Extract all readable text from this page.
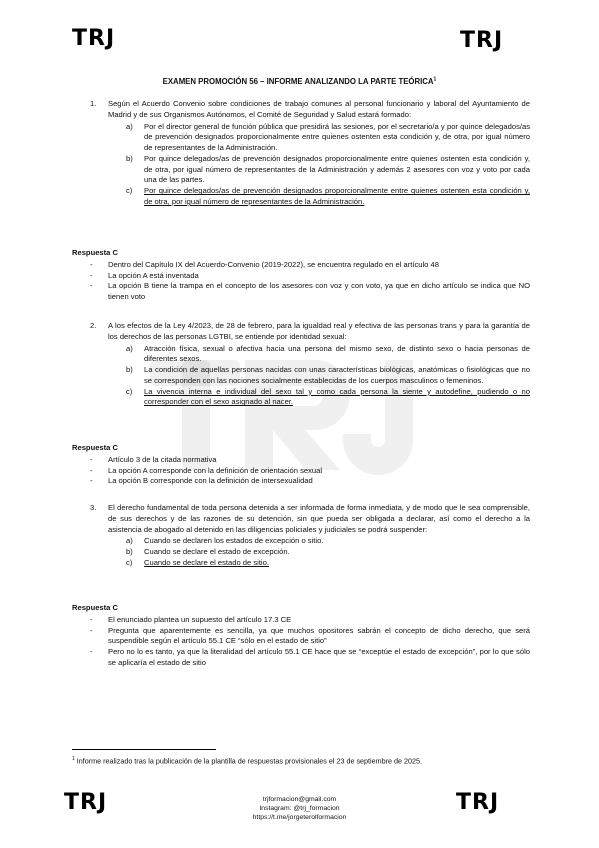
TRJ	TRJ
EXAMEN PROMOCIÓN 56 – INFORME ANALIZANDO LA PARTE TEÓRICA$^1$
1. Según el Acuerdo Convenio sobre condiciones de trabajo comunes al personal funcionario y laboral del Ayuntamiento de Madrid y de sus Organismos Autónomos, el Comité de Seguridad y Salud estará formado:
a) Por el director general de función pública que presidirá las sesiones, por el secretario/a y por quince delegados/as de prevención designados proporcionalmente entre quienes ostenten esta condición y, de otra, por igual número de representantes de la Administración.
b) Por quince delegados/as de prevención designados proporcionalmente entre quienes ostenten esta condición y, de otra, por igual número de representantes de la Administración y además 2 asesores con voz y voto por cada una de las partes.
c) Por quince delegados/as de prevención designados proporcionalmente entre quienes ostenten esta condición y, de otra, por igual número de representantes de la Administración.
Respuesta C
- Dentro del Capítulo IX del Acuerdo-Convenio (2019-2022), se encuentra regulado en el artículo 48
- La opción A está inventada
- La opción B tiene la trampa en el concepto de los asesores con voz y con voto, ya que en dicho artículo se indica que NO tienen voto
2. A los efectos de la Ley 4/2023, de 28 de febrero, para la igualdad real y efectiva de las personas trans y para la garantía de los derechos de las personas LGTBI, se entiende por identidad sexual:
a) Atracción física, sexual o afectiva hacia una persona del mismo sexo, de distinto sexo o hacia personas de diferentes sexos.
b) La condición de aquellas personas nacidas con unas características biológicas, anatómicas o fisiológicas que no se corresponden con las nociones socialmente establecidas de los cuerpos masculinos o femeninos.
c) La vivencia interna e individual del sexo tal y como cada persona la siente y autodefine, pudiendo o no corresponder con el sexo asignado al nacer.
Respuesta C
- Artículo 3 de la citada normativa
- La opción A corresponde con la definición de orientación sexual
- La opción B corresponde con la definición de intersexualidad
3. El derecho fundamental de toda persona detenida a ser informada de forma inmediata, y de modo que le sea comprensible, de sus derechos y de las razones de su detención, sin que pueda ser obligada a declarar, así como el derecho a la asistencia de abogado al detenido en las diligencias policiales y judiciales se podrá suspender:
a) Cuando se declaren los estados de excepción o sitio.
b) Cuando se declare el estado de excepción.
c) Cuando se declare el estado de sitio.
Respuesta C
- El enunciado plantea un supuesto del artículo 17.3 CE
- Pregunta que aparentemente es sencilla, ya que muchos opositores sabrán el concepto de dicho derecho, que será suspendible según el artículo 55.1 CE “sólo en el estado de sitio”
- Pero no lo es tanto, ya que la literalidad del artículo 55.1 CE hace que se “exceptúe el estado de excepción”, por lo que sólo se aplicaría el estado de sitio
$^1$ Informe realizado tras la publicación de la plantilla de respuestas provisionales el 23 de septiembre de 2025.
TRJ	TRJ
trjformacion@gmail.com
Instagram: @trj_formacion
https://t.me/jorgeterolformacion
